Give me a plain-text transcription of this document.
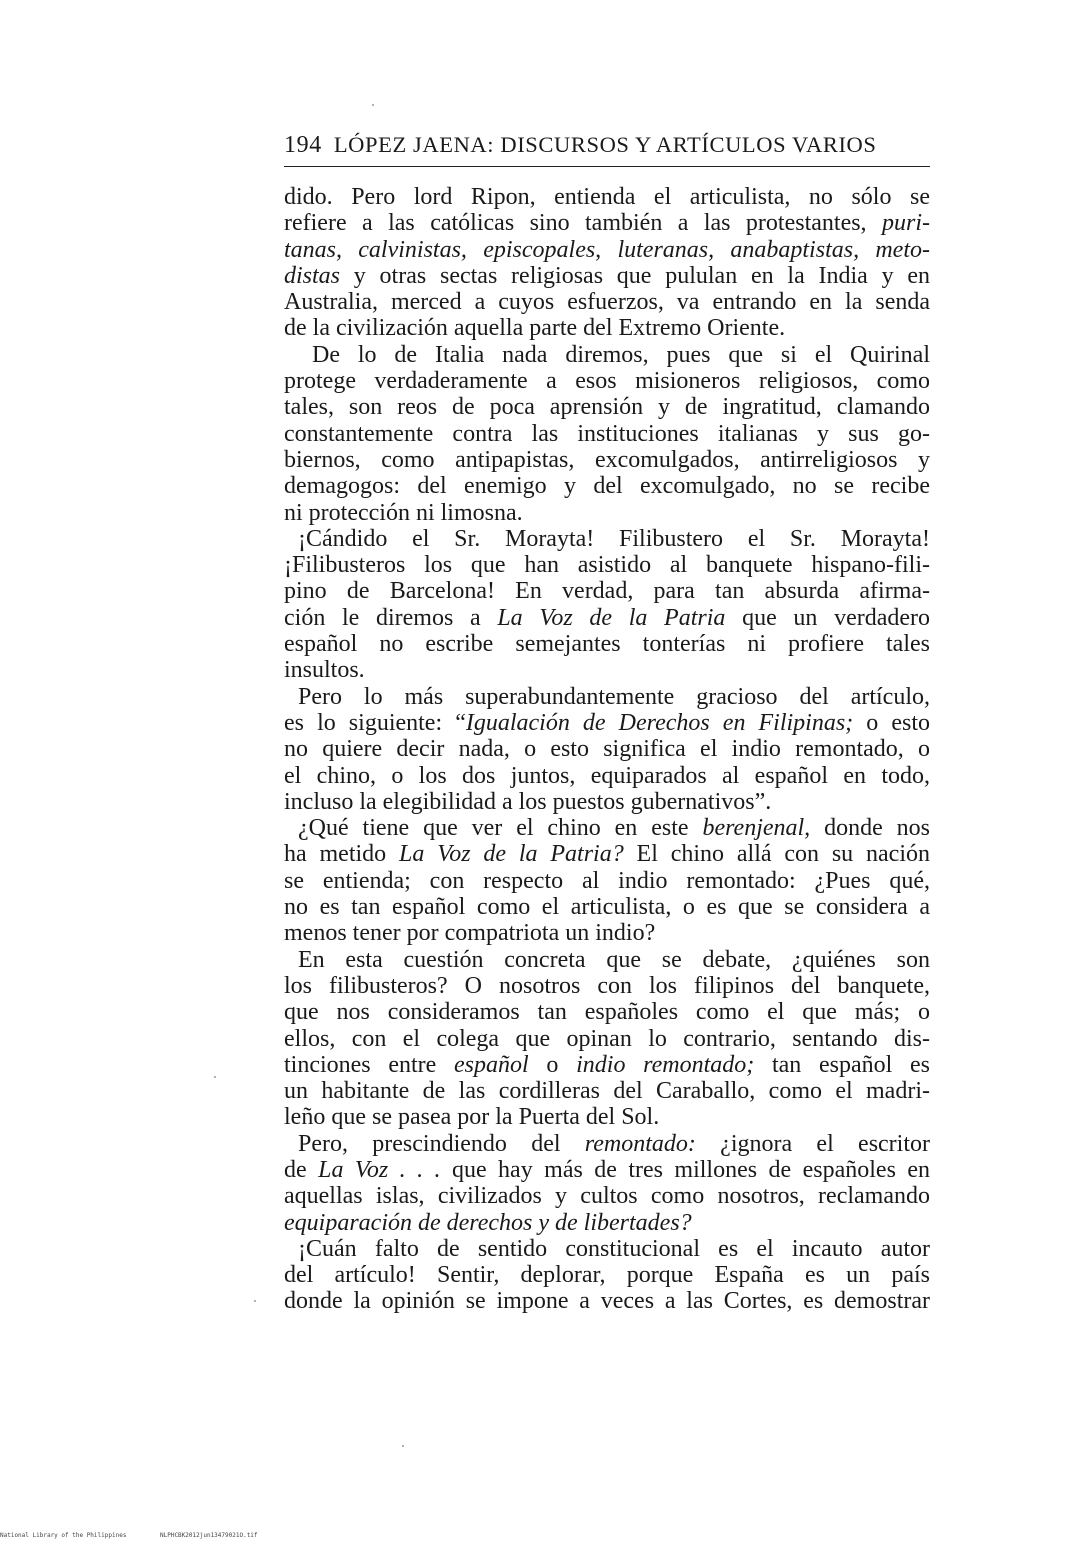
194 LÓPEZ JAENA: DISCURSOS Y ARTÍCULOS VARIOS
dido. Pero lord Ripon, entienda el articulista, no sólo se
refiere a las católicas sino también a las protestantes, puri-
tanas, calvinistas, episcopales, luteranas, anabaptistas, meto-
distas y otras sectas religiosas que pululan en la India y en
Australia, merced a cuyos esfuerzos, va entrando en la senda
de la civilización aquella parte del Extremo Oriente.
De lo de Italia nada diremos, pues que si el Quirinal
protege verdaderamente a esos misioneros religiosos, como
tales, son reos de poca aprensión y de ingratitud, clamando
constantemente contra las instituciones italianas y sus go-
biernos, como antipapistas, excomulgados, antirreligiosos y
demagogos: del enemigo y del excomulgado, no se recibe
ni protección ni limosna.
¡Cándido el Sr. Morayta! Filibustero el Sr. Morayta!
¡Filibusteros los que han asistido al banquete hispano-fili-
pino de Barcelona! En verdad, para tan absurda afirma-
ción le diremos a La Voz de la Patria que un verdadero
español no escribe semejantes tonterías ni profiere tales
insultos.
Pero lo más superabundantemente gracioso del artículo,
es lo siguiente: “Igualación de Derechos en Filipinas; o esto
no quiere decir nada, o esto significa el indio remontado, o
el chino, o los dos juntos, equiparados al español en todo,
incluso la elegibilidad a los puestos gubernativos”.
¿Qué tiene que ver el chino en este berenjenal, donde nos
ha metido La Voz de la Patria? El chino allá con su nación
se entienda; con respecto al indio remontado: ¿Pues qué,
no es tan español como el articulista, o es que se considera a
menos tener por compatriota un indio?
En esta cuestión concreta que se debate, ¿quiénes son
los filibusteros? O nosotros con los filipinos del banquete,
que nos consideramos tan españoles como el que más; o
ellos, con el colega que opinan lo contrario, sentando dis-
tinciones entre español o indio remontado; tan español es
un habitante de las cordilleras del Caraballo, como el madri-
leño que se pasea por la Puerta del Sol.
Pero, prescindiendo del remontado: ¿ignora el escritor
de La Voz . . . que hay más de tres millones de españoles en
aquellas islas, civilizados y cultos como nosotros, reclamando
equiparación de derechos y de libertades?
¡Cuán falto de sentido constitucional es el incauto autor
del artículo! Sentir, deplorar, porque España es un país
donde la opinión se impone a veces a las Cortes, es demostrar
National Library of the Philippines	NLPHCBK2012jun13479021O.tif
